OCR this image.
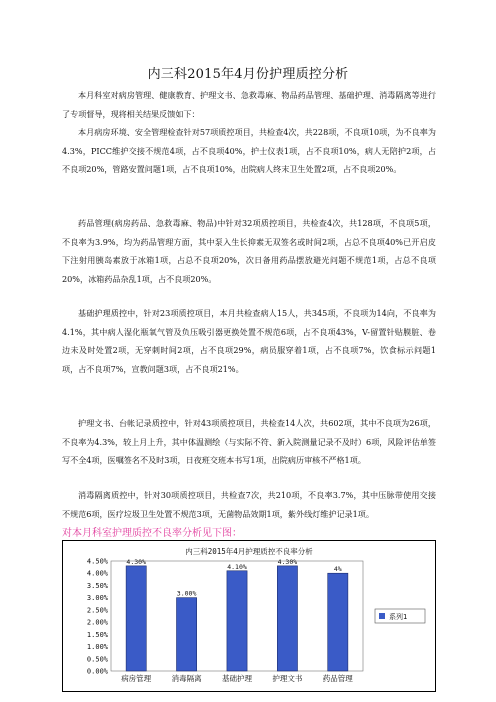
内三科2015年4月份护理质控分析

本月科室对病房管理、健康教育、护理文书、急救毒麻、物品药品管理、基础护理、消毒隔离等进行了专项督导，现将相关结果反馈如下：

本月病房环境、安全管理检查针对57项质控项目，共检查4次，共228项，不良项10项，为不良率为4.3%，PICC维护交接不规范4项，占不良项40%，护士仪表1项，占不良项10%，病人无陪护2项，占不良项20%，管路安置问题1项，占不良项10%，出院病人终末卫生处置2项，占不良项20%。

药品管理(病房药品、急救毒麻、物品)中针对32项质控项目，共检查4次，共128项，不良项5项，不良率为3.9%，均为药品管理方面，其中泵入生长抑素无双签名或时间2项，占总不良项40%已开启皮下注射用胰岛素放于冰箱1项，占总不良项20%，次日备用药品摆放避光问题不规范1项，占总不良项20%，冰箱药品杂乱1项，占不良项20%。

基础护理质控中，针对23项质控项目，本月共检查病人15人，共345项，不良项为14向，不良率为4.1%，其中病人湿化瓶氧气管及负压吸引器更换处置不规范6项，占不良项43%，V-留置针贴膜脏、卷边未及时处置2项，无穿刺时间2项，占不良项29%，病员服穿着1项，占不良项7%，饮食标示问题1项，占不良项7%，宣教问题3项，占不良项21%。

护理文书、台帐记录质控中，针对43项质控项目，共检查14人次，共602项，其中不良项为26项，不良率为4.3%，较上月上升，其中体温测绘（与实际不符、新入院测量记录不及时）6项，风险评估单签写不全4项，医嘱签名不及时3项，日夜班交班本书写1项，出院病历审核不严格1项。

消毒隔离质控中，针对30项质控项目，共检查7次，共210项，不良率3.7%，其中压脉带使用交接不规范6项，医疗垃圾卫生处置不规范3项，无菌物品效期1项，紫外线灯维护记录1项。

对本月科室护理质控不良率分析见下图：
内三科2015年4月护理质控不良率分析
0.00%
0.50%
1.00%
1.50%
2.00%
2.50%
3.00%
3.50%
4.00%
4.50%	4.30%
3.00%
4.10%
4.30%
4%
病房管理	消毒隔离	基础护理	护理文书	药品管理
系列1
